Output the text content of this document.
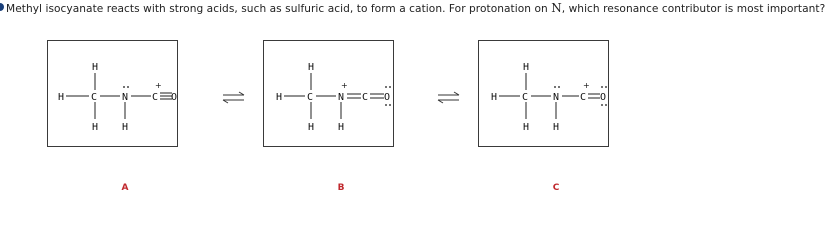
Methyl isocyanate reacts with strong acids, such as sulfuric acid, to form a cation. For protonation on N, which resonance contributor is most important?
H
H	C N C
+
O
H H
H
H C N
+
C O
H H
H
H C N C
+
O
H H
A	B	C
